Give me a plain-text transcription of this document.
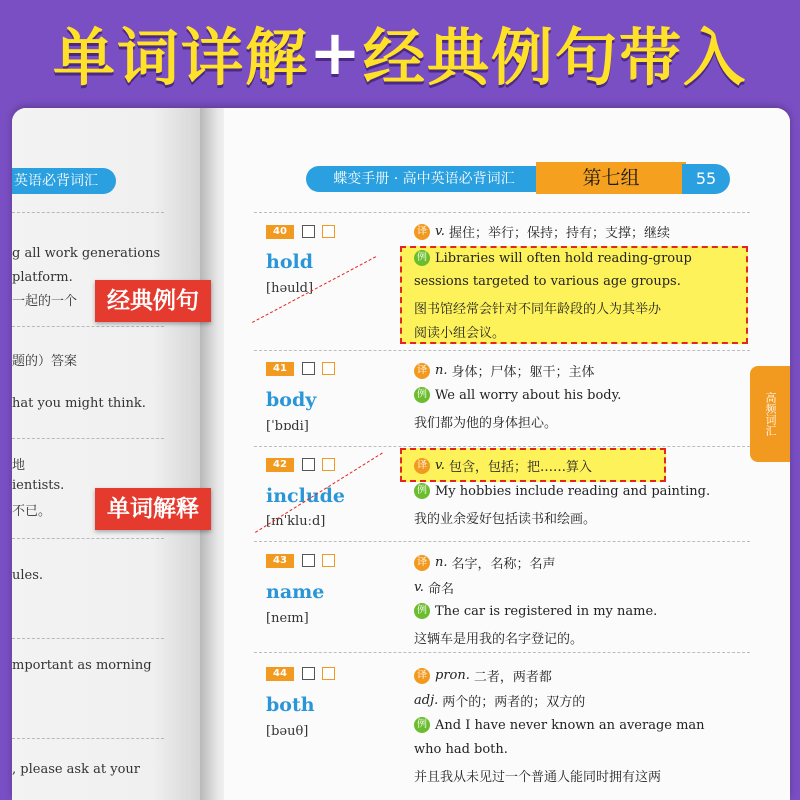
单词详解 + 经典例句带入
英语必背词汇
g all work generations
platform.
一起的一个
题的）答案
hat you might think.
地
ientists.
不已。
ules.
mportant as morning
, please ask at your
蝶变手册 · 高中英语必背词汇	第七组	55
高频词汇
40
hold
[həuld]
译 v. 握住；举行；保持；持有；支撑；继续
例 Libraries will often hold reading-group
sessions targeted to various age groups.
图书馆经常会针对不同年龄段的人为其举办
阅读小组会议。
41
body
[ˈbɒdi]
译 n. 身体；尸体；躯干；主体
例 We all worry about his body.
我们都为他的身体担心。
42
include
[ɪnˈkluːd]
译 v. 包含，包括；把……算入
例 My hobbies include reading and painting.
我的业余爱好包括读书和绘画。
43
name
[neɪm]
译 n. 名字，名称；名声
v. 命名
例 The car is registered in my name.
这辆车是用我的名字登记的。
44
both
[bəuθ]
译 pron. 二者，两者都
adj. 两个的；两者的；双方的
例 And I have never known an average man
who had both.
并且我从未见过一个普通人能同时拥有这两
经典例句
单词解释
